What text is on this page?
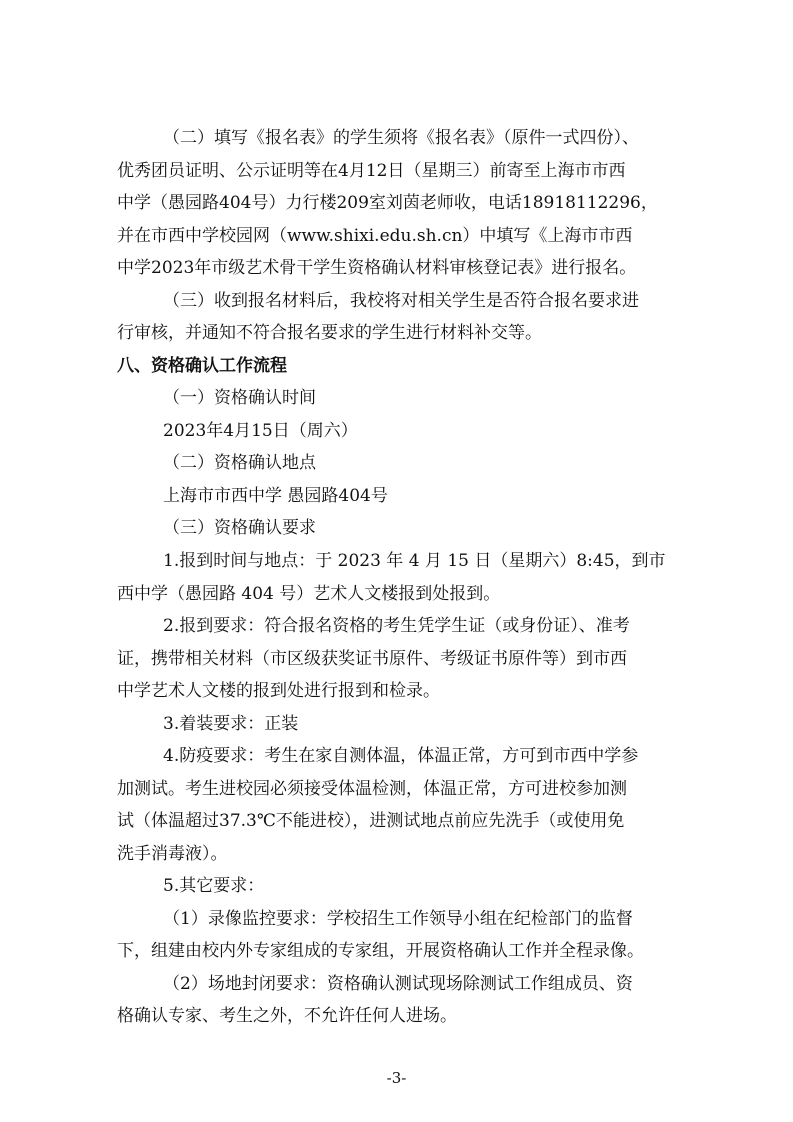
（二）填写《报名表》的学生须将《报名表》（原件一式四份）、
优秀团员证明、公示证明等在4月12日（星期三）前寄至上海市市西
中学（愚园路404号）力行楼209室刘茵老师收，电话18918112296，
并在市西中学校园网（www.shixi.edu.sh.cn）中填写《上海市市西
中学2023年市级艺术骨干学生资格确认材料审核登记表》进行报名。
（三）收到报名材料后，我校将对相关学生是否符合报名要求进
行审核，并通知不符合报名要求的学生进行材料补交等。
八、资格确认工作流程
（一）资格确认时间
2023年4月15日（周六）
（二）资格确认地点
上海市市西中学 愚园路404号
（三）资格确认要求
1.报到时间与地点：于 2023 年 4 月 15 日（星期六）8:45，到市
西中学（愚园路 404 号）艺术人文楼报到处报到。
2.报到要求：符合报名资格的考生凭学生证（或身份证）、准考
证，携带相关材料（市区级获奖证书原件、考级证书原件等）到市西
中学艺术人文楼的报到处进行报到和检录。
3.着装要求：正装
4.防疫要求：考生在家自测体温，体温正常，方可到市西中学参
加测试。考生进校园必须接受体温检测，体温正常，方可进校参加测
试（体温超过37.3℃不能进校），进测试地点前应先洗手（或使用免
洗手消毒液）。
5.其它要求：
（1）录像监控要求：学校招生工作领导小组在纪检部门的监督
下，组建由校内外专家组成的专家组，开展资格确认工作并全程录像。
（2）场地封闭要求：资格确认测试现场除测试工作组成员、资
格确认专家、考生之外，不允许任何人进场。
-3-
